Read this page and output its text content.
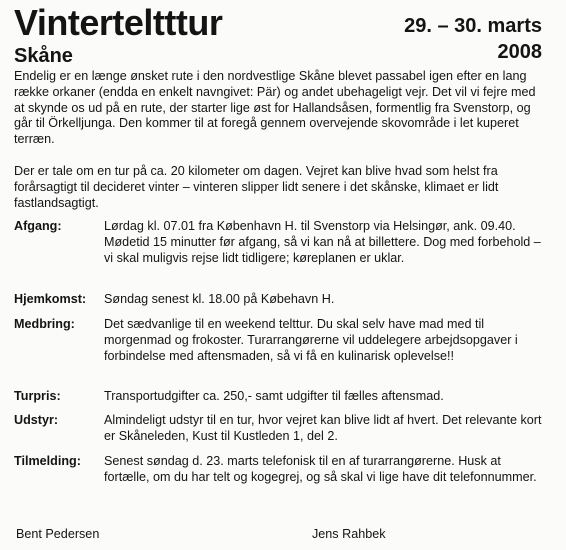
Vinterteltttur
Skåne
29. – 30. marts
2008

Endelig er en længe ønsket rute i den nordvestlige Skåne blevet passabel igen efter en lang række orkaner (endda en enkelt navngivet: Pär) og andet ubehageligt vejr. Det vil vi fejre med at skynde os ud på en rute, der starter lige øst for Hallandsåsen, formentlig fra Svenstorp, og går til Örkelljunga. Den kommer til at foregå gennem overvejende skovområde i let kuperet terræn.

Der er tale om en tur på ca. 20 kilometer om dagen. Vejret kan blive hvad som helst fra forårsagtigt til decideret vinter – vinteren slipper lidt senere i det skånske, klimaet er lidt fastlandsagtigt.

Afgang:	Lørdag kl. 07.01 fra København H. til Svenstorp via Helsingør, ank. 09.40. Mødetid 15 minutter før afgang, så vi kan nå at billettere. Dog med forbehold – vi skal muligvis rejse lidt tidligere; køreplanen er uklar.
Hjemkomst: Søndag senest kl. 18.00 på Købehavn H.
Medbring: Det sædvanlige til en weekend telttur. Du skal selv have mad med til morgenmad og frokoster. Turarrangørerne vil uddelegere arbejdsopgaver i forbindelse med aftensmaden, så vi få en kulinarisk oplevelse!!
Turpris:	Transportudgifter ca. 250,- samt udgifter til fælles aftensmad.
Udstyr:	Almindeligt udstyr til en tur, hvor vejret kan blive lidt af hvert. Det relevante kort er Skåneleden, Kust til Kustleden 1, del 2.
Tilmelding: Senest søndag d. 23. marts telefonisk til en af turarrangørerne. Husk at fortælle, om du har telt og kogegrej, og så skal vi lige have dit telefonnummer.
Bent Pedersen	Jens Rahbek
